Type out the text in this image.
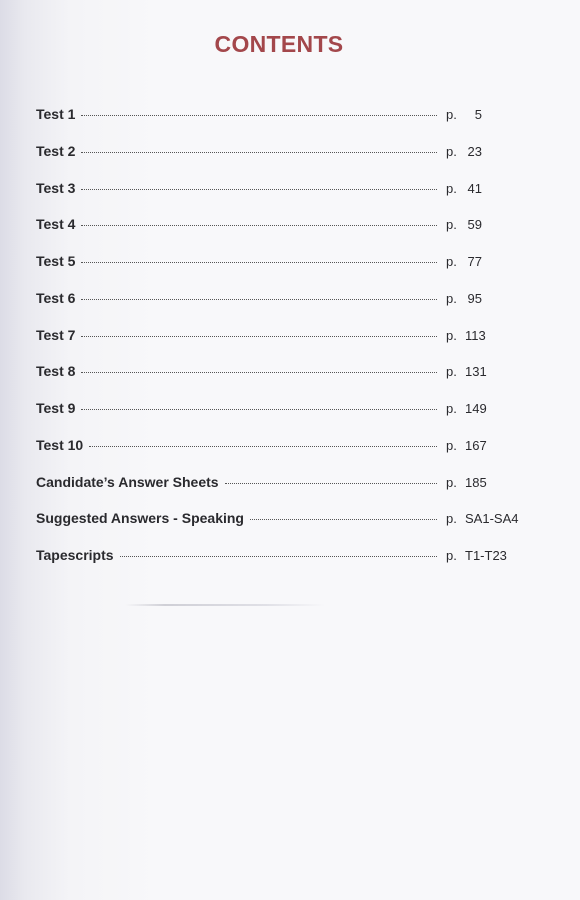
CONTENTS
Test 1	p. 5
Test 2	p. 23
Test 3	p. 41
Test 4	p. 59
Test 5	p. 77
Test 6	p. 95
Test 7	p. 113
Test 8	p. 131
Test 9	p. 149
Test 10	p. 167
Candidate’s Answer Sheets	p. 185
Suggested Answers - Speaking	p. SA1-SA4
Tapescripts	p. T1-T23
